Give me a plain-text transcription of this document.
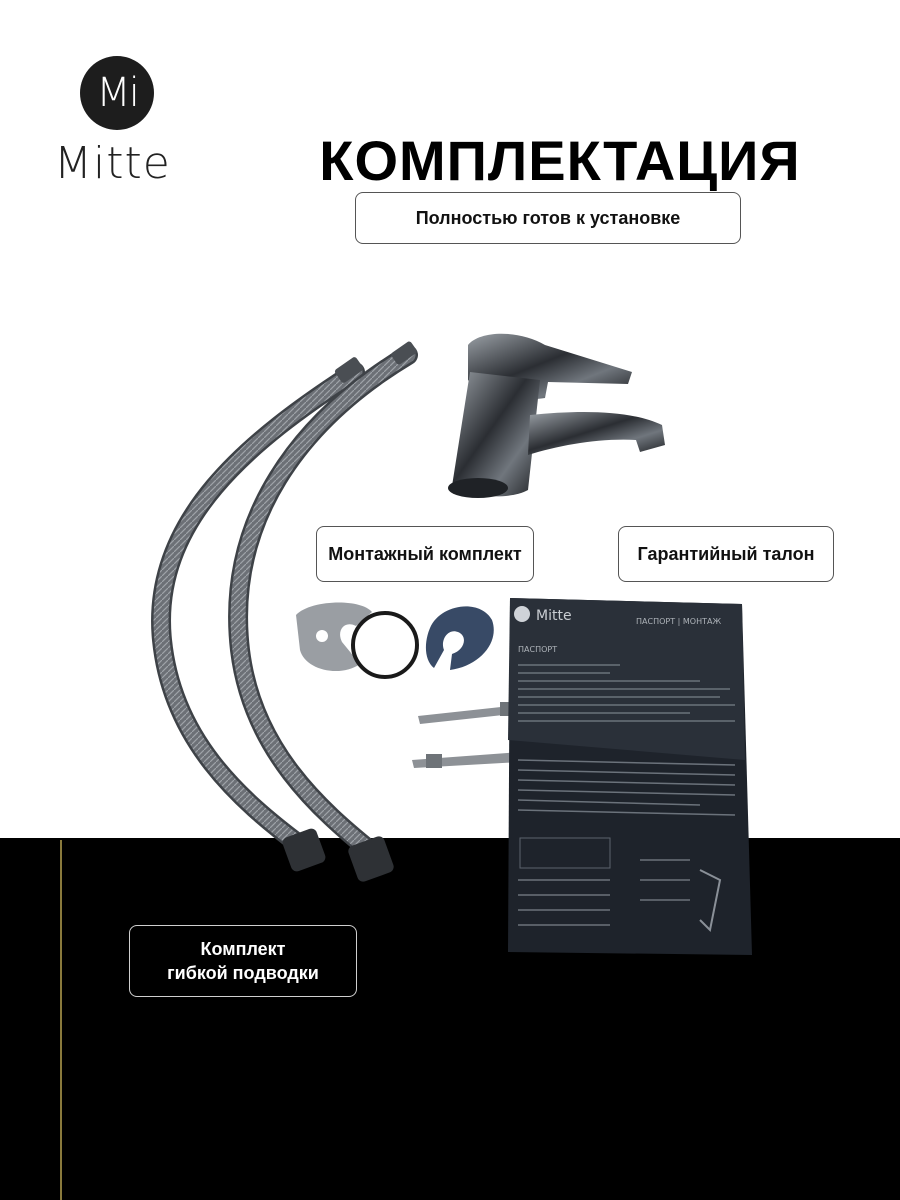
Mi
Mitte	КОМПЛЕКТАЦИЯ
Полностью готов к установке
Mitte	ПАСПОРТ | МОНТАЖ
ПАСПОРТ
Монтажный комплект	Гарантийный талон
Комплект
гибкой подводки
